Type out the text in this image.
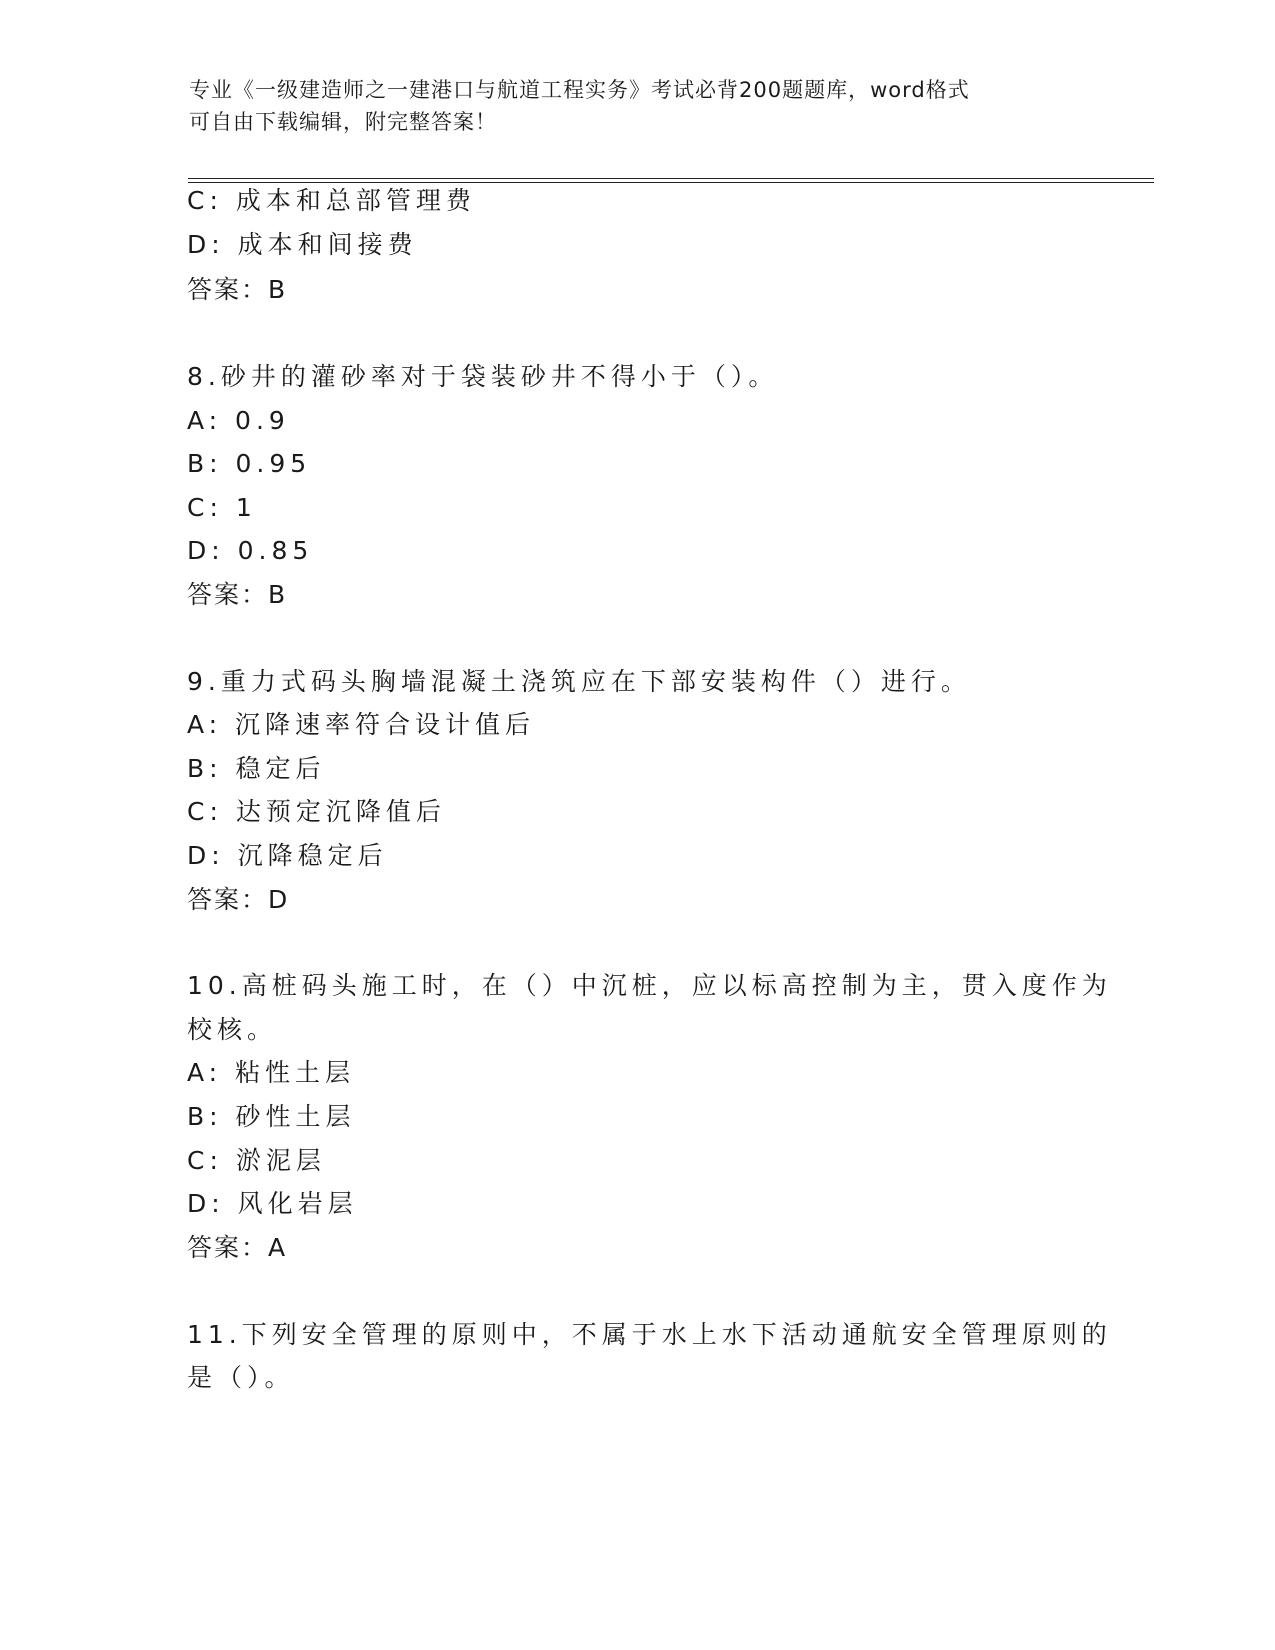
专业《一级建造师之一建港口与航道工程实务》考试必背200题题库，word格式
可自由下载编辑，附完整答案！
C: 成本和总部管理费
D: 成本和间接费
答案：B
8.砂井的灌砂率对于袋装砂井不得小于（）。
A: 0.9
B: 0.95
C: 1
D: 0.85
答案：B
9.重力式码头胸墙混凝土浇筑应在下部安装构件（）进行。
A: 沉降速率符合设计值后
B: 稳定后
C: 达预定沉降值后
D: 沉降稳定后
答案：D
10.高桩码头施工时，在（）中沉桩，应以标高控制为主，贯入度作为
校核。
A: 粘性土层
B: 砂性土层
C: 淤泥层
D: 风化岩层
答案：A
11.下列安全管理的原则中，不属于水上水下活动通航安全管理原则的
是（）。
